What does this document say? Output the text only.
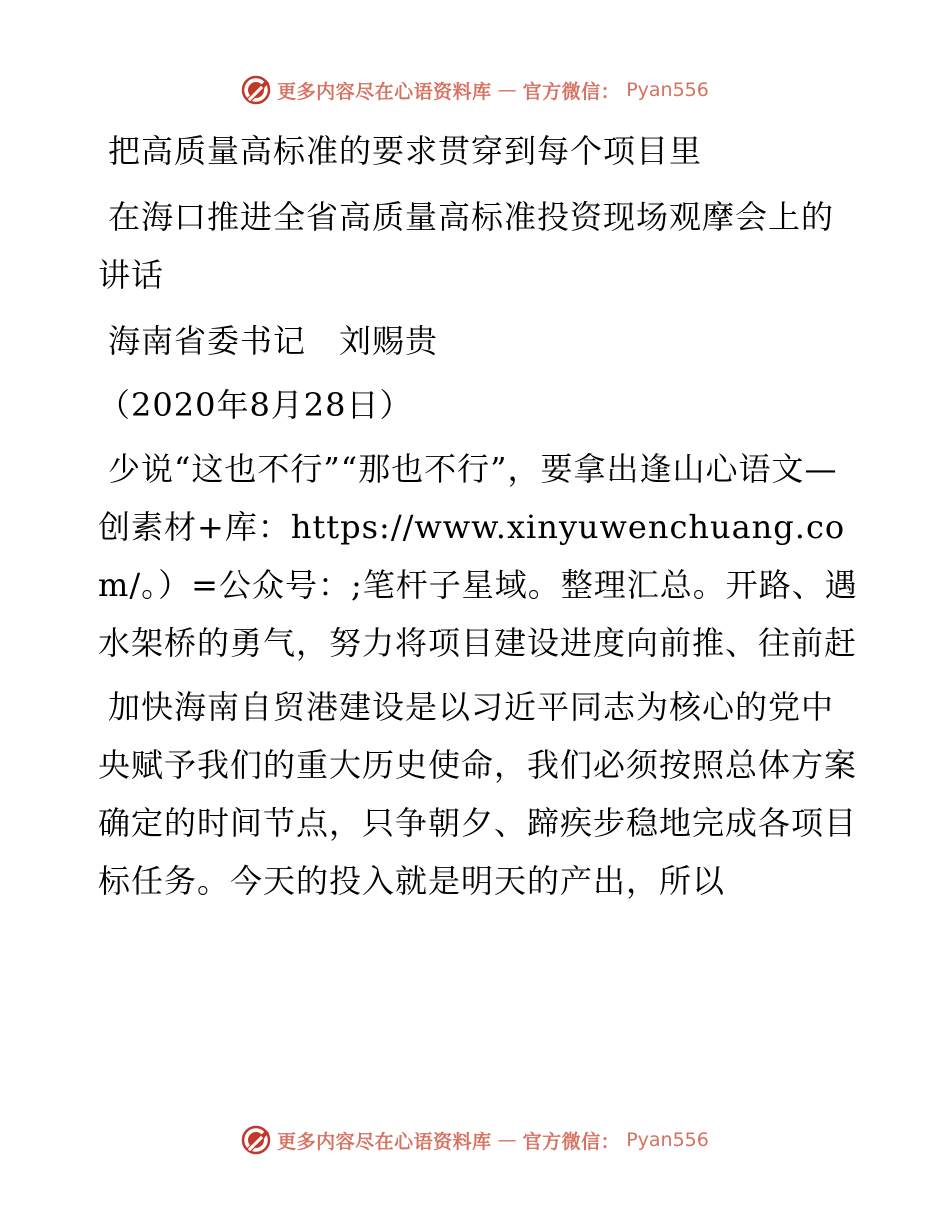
更多内容尽在心语资料库 — 官方微信： Pyan556

把高质量高标准的要求贯穿到每个项目里

在海口推进全省高质量高标准投资现场观摩会上的讲话

海南省委书记　刘赐贵

（2020年8月28日）

少说“这也不行”“那也不行”，要拿出逢山心语文—创素材+库：https://www.xinyuwenchuang.com/。）=公众号：;笔杆子星域。整理汇总。开路、遇水架桥的勇气，努力将项目建设进度向前推、往前赶

加快海南自贸港建设是以习近平同志为核心的党中央赋予我们的重大历史使命，我们必须按照总体方案确定的时间节点，只争朝夕、蹄疾步稳地完成各项目标任务。今天的投入就是明天的产出，所以

更多内容尽在心语资料库 — 官方微信： Pyan556
